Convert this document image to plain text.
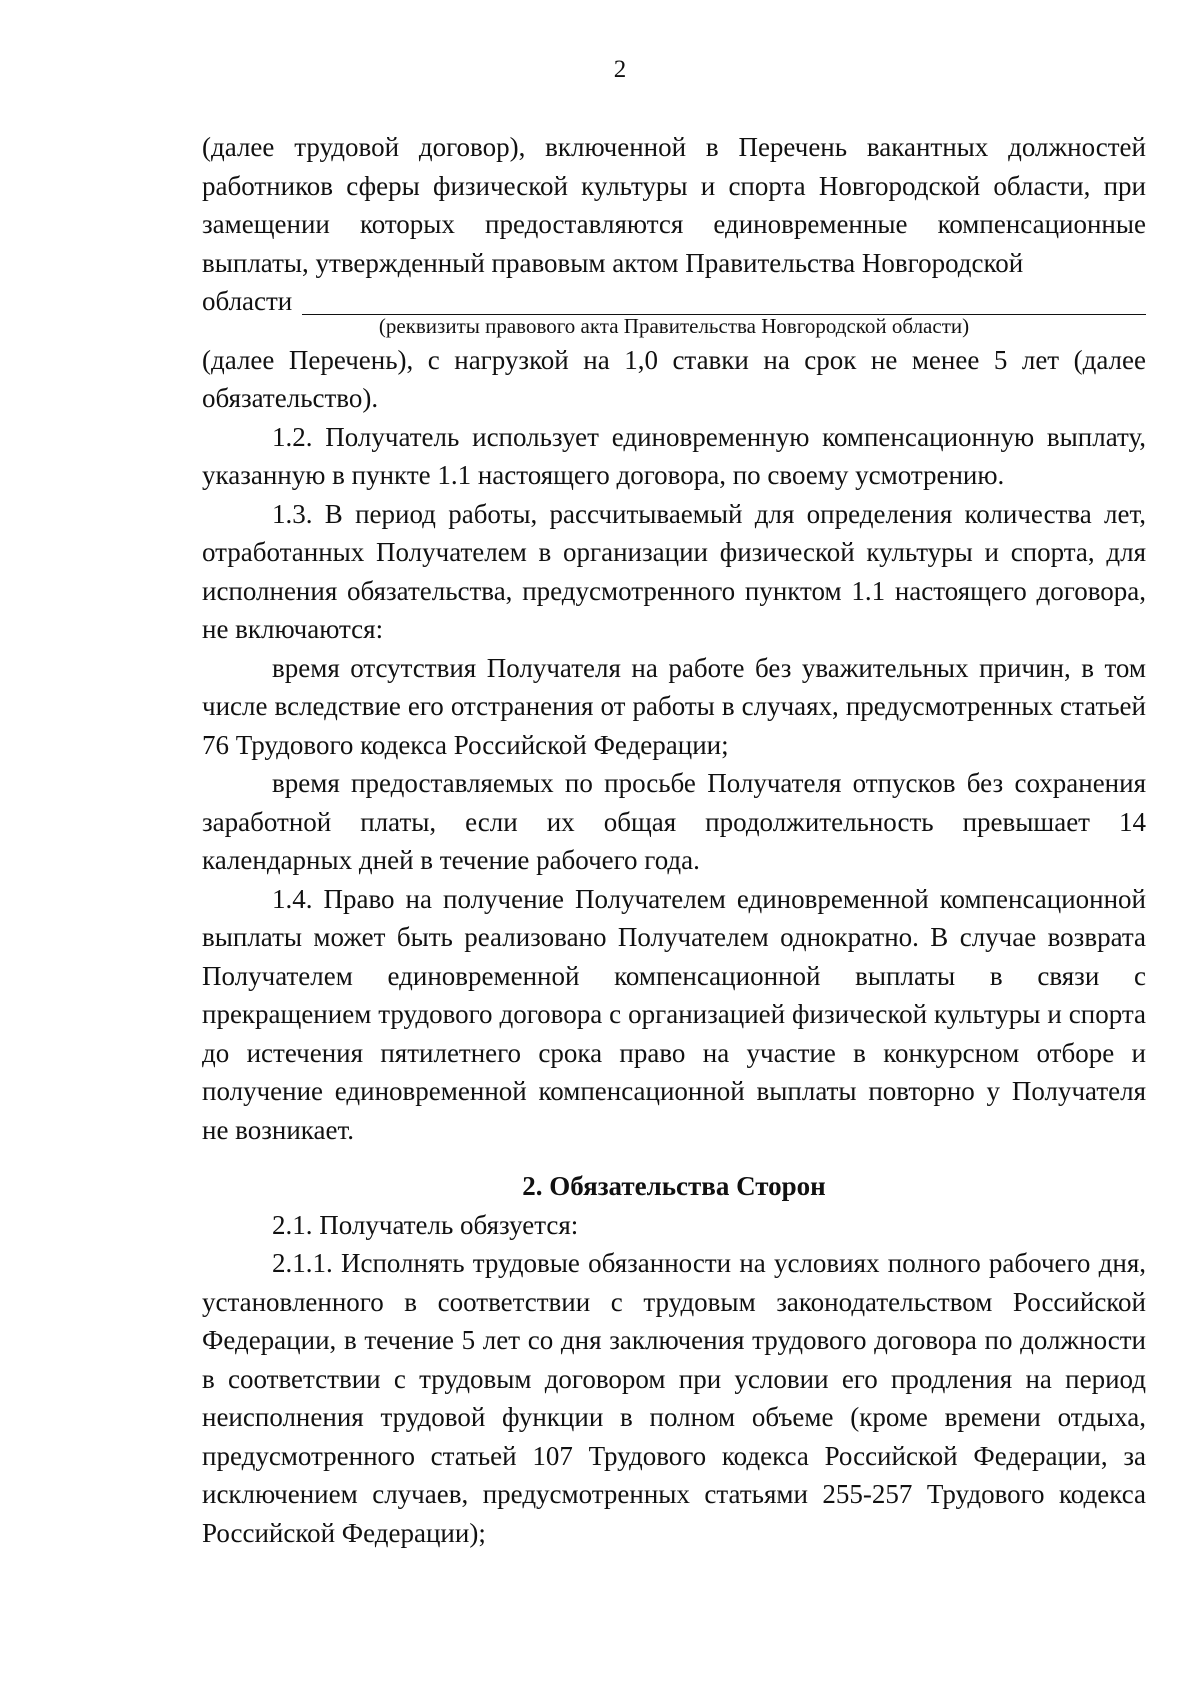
2

(далее трудовой договор), включенной в Перечень вакантных должностей работников сферы физической культуры и спорта Новгородской области, при замещении которых предоставляются единовременные компенсационные выплаты, утвержденный правовым актом Правительства Новгородской

области

(реквизиты правового акта Правительства Новгородской области)

(далее Перечень), с нагрузкой на 1,0 ставки на срок не менее 5 лет (далее обязательство).

1.2. Получатель использует единовременную компенсационную выплату, указанную в пункте 1.1 настоящего договора, по своему усмотрению.

1.3. В период работы, рассчитываемый для определения количества лет, отработанных Получателем в организации физической культуры и спорта, для исполнения обязательства, предусмотренного пунктом 1.1 настоящего договора, не включаются:

время отсутствия Получателя на работе без уважительных причин, в том числе вследствие его отстранения от работы в случаях, предусмотренных статьей 76 Трудового кодекса Российской Федерации;

время предоставляемых по просьбе Получателя отпусков без сохранения заработной платы, если их общая продолжительность превышает 14 календарных дней в течение рабочего года.

1.4. Право на получение Получателем единовременной компенсационной выплаты может быть реализовано Получателем однократно. В случае возврата Получателем единовременной компенсационной выплаты в связи с прекращением трудового договора с организацией физической культуры и спорта до истечения пятилетнего срока право на участие в конкурсном отборе и получение единовременной компенсационной выплаты повторно у Получателя не возникает.

2. Обязательства Сторон

2.1. Получатель обязуется:

2.1.1. Исполнять трудовые обязанности на условиях полного рабочего дня, установленного в соответствии с трудовым законодательством Российской Федерации, в течение 5 лет со дня заключения трудового договора по должности в соответствии с трудовым договором при условии его продления на период неисполнения трудовой функции в полном объеме (кроме времени отдыха, предусмотренного статьей 107 Трудового кодекса Российской Федерации, за исключением случаев, предусмотренных статьями 255-257 Трудового кодекса Российской Федерации);
